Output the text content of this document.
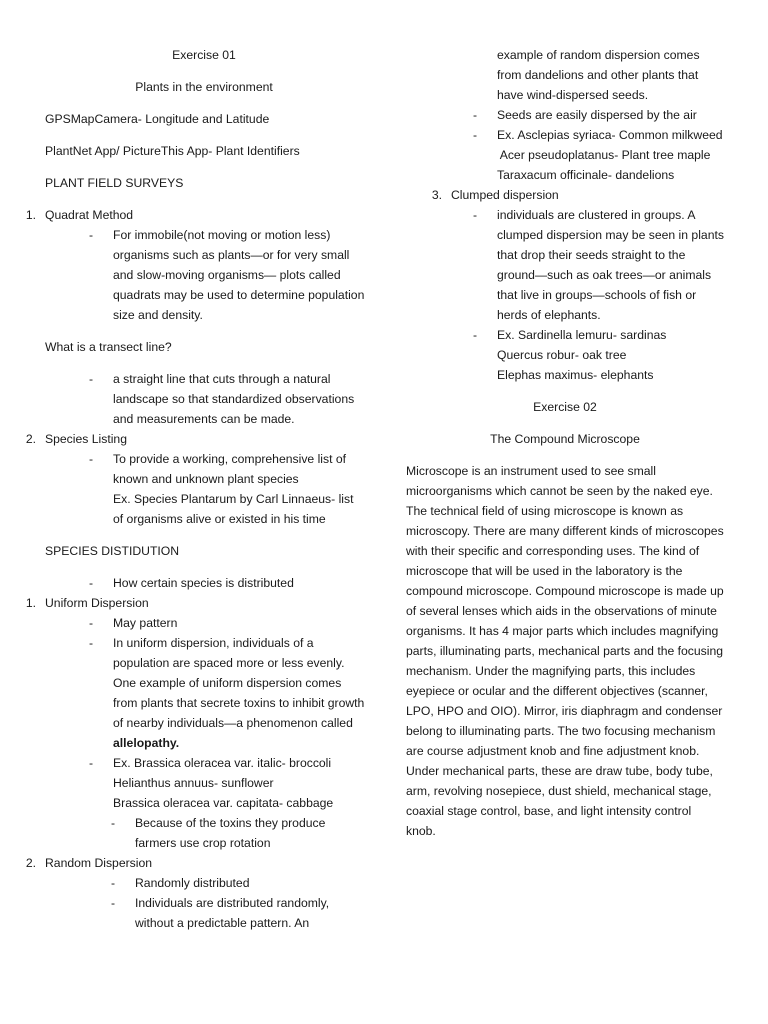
Exercise 01

Plants in the environment

GPSMapCamera- Longitude and Latitude

PlantNet App/ PictureThis App- Plant Identifiers

PLANT FIELD SURVEYS

1. Quadrat Method
-	For immobile(not moving or motion less) organisms such as plants—or for very small and slow-moving organisms— plots called quadrats may be used to determine population size and density.

What is a transect line?

-	a straight line that cuts through a natural landscape so that standardized observations and measurements can be made.
2. Species Listing
-	To provide a working, comprehensive list of known and unknown plant species

Ex. Species Plantarum by Carl Linnaeus- list of organisms alive or existed in his time

SPECIES DISTIDUTION

-	How certain species is distributed
1. Uniform Dispersion
-	May pattern
-	In uniform dispersion, individuals of a population are spaced more or less evenly. One example of uniform dispersion comes from plants that secrete toxins to inhibit growth of nearby individuals—a phenomenon called allelopathy.
-	Ex. Brassica oleracea var. italic- broccoli

Helianthus annuus- sunflower

Brassica oleracea var. capitata- cabbage

-	Because of the toxins they produce farmers use crop rotation
2. Random Dispersion
-	Randomly distributed
-	Individuals are distributed randomly, without a predictable pattern. An

example of random dispersion comes from dandelions and other plants that have wind-dispersed seeds.

-	Seeds are easily dispersed by the air
-	Ex. Asclepias syriaca- Common milkweed

Acer pseudoplatanus- Plant tree maple

Taraxacum officinale- dandelions

3. Clumped dispersion
-	individuals are clustered in groups. A clumped dispersion may be seen in plants that drop their seeds straight to the ground—such as oak trees—or animals that live in groups—schools of fish or herds of elephants.
-	Ex. Sardinella lemuru- sardinas

Quercus robur- oak tree

Elephas maximus- elephants

Exercise 02

The Compound Microscope

Microscope is an instrument used to see small microorganisms which cannot be seen by the naked eye. The technical field of using microscope is known as microscopy. There are many different kinds of microscopes with their specific and corresponding uses. The kind of microscope that will be used in the laboratory is the compound microscope. Compound microscope is made up of several lenses which aids in the observations of minute organisms. It has 4 major parts which includes magnifying parts, illuminating parts, mechanical parts and the focusing mechanism. Under the magnifying parts, this includes eyepiece or ocular and the different objectives (scanner, LPO, HPO and OIO). Mirror, iris diaphragm and condenser belong to illuminating parts. The two focusing mechanism are course adjustment knob and fine adjustment knob. Under mechanical parts, these are draw tube, body tube, arm, revolving nosepiece, dust shield, mechanical stage, coaxial stage control, base, and light intensity control knob.
